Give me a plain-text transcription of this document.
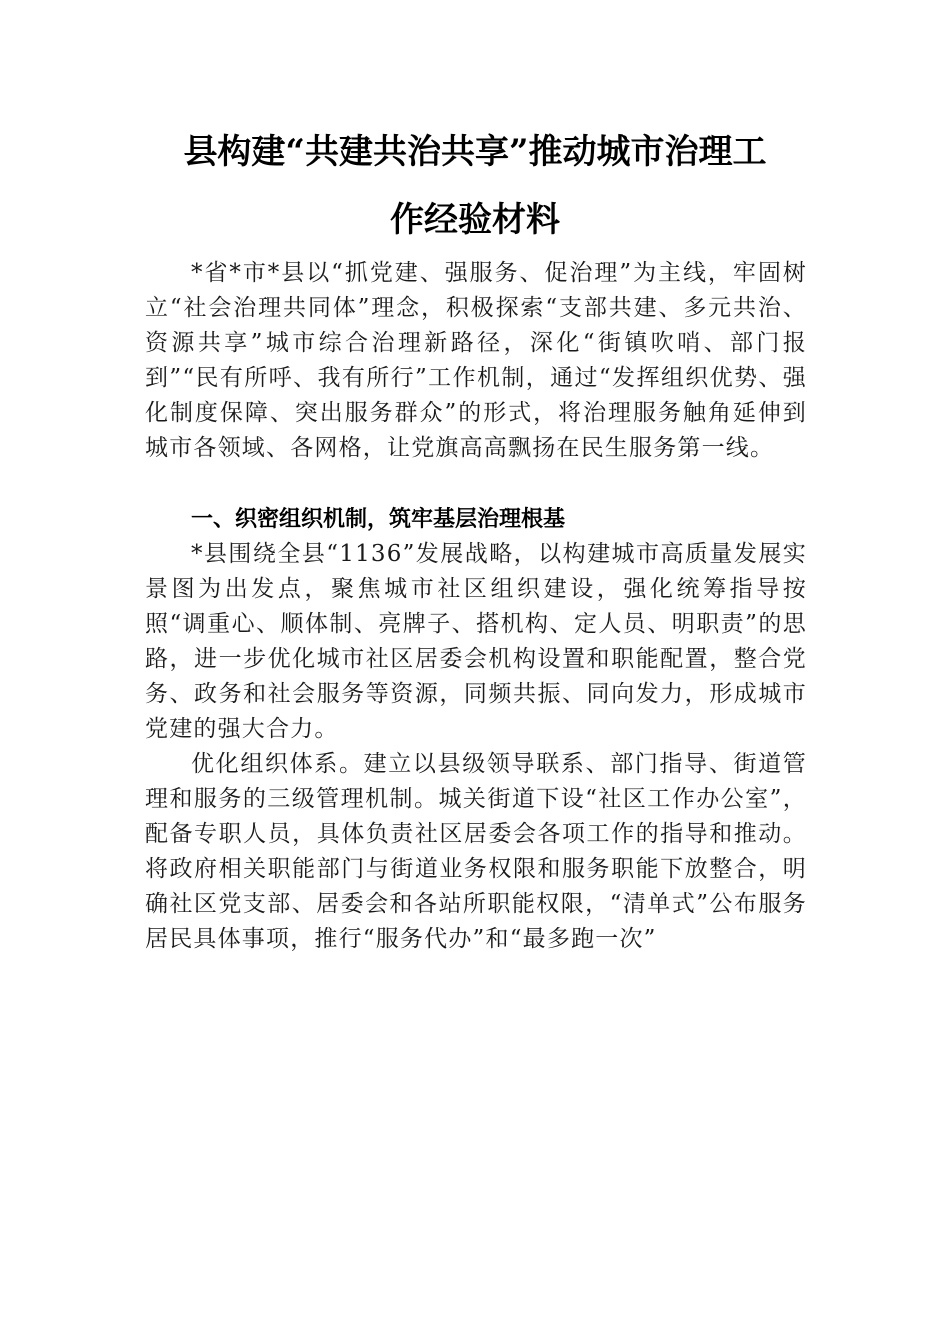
县构建“共建共治共享”推动城市治理工
作经验材料

*省*市*县以“抓党建、强服务、促治理”为主线，牢固树立“社会治理共同体”理念，积极探索“支部共建、多元共治、资源共享”城市综合治理新路径，深化“街镇吹哨、部门报到”“民有所呼、我有所行”工作机制，通过“发挥组织优势、强化制度保障、突出服务群众”的形式，将治理服务触角延伸到城市各领域、各网格，让党旗高高飘扬在民生服务第一线。

一、织密组织机制，筑牢基层治理根基

*县围绕全县“1136”发展战略，以构建城市高质量发展实景图为出发点，聚焦城市社区组织建设，强化统筹指导按照“调重心、顺体制、亮牌子、搭机构、定人员、明职责”的思路，进一步优化城市社区居委会机构设置和职能配置，整合党务、政务和社会服务等资源，同频共振、同向发力，形成城市党建的强大合力。

优化组织体系。建立以县级领导联系、部门指导、街道管理和服务的三级管理机制。城关街道下设“社区工作办公室”，配备专职人员，具体负责社区居委会各项工作的指导和推动。将政府相关职能部门与街道业务权限和服务职能下放整合，明确社区党支部、居委会和各站所职能权限，“清单式”公布服务居民具体事项，推行“服务代办”和“最多跑一次”
